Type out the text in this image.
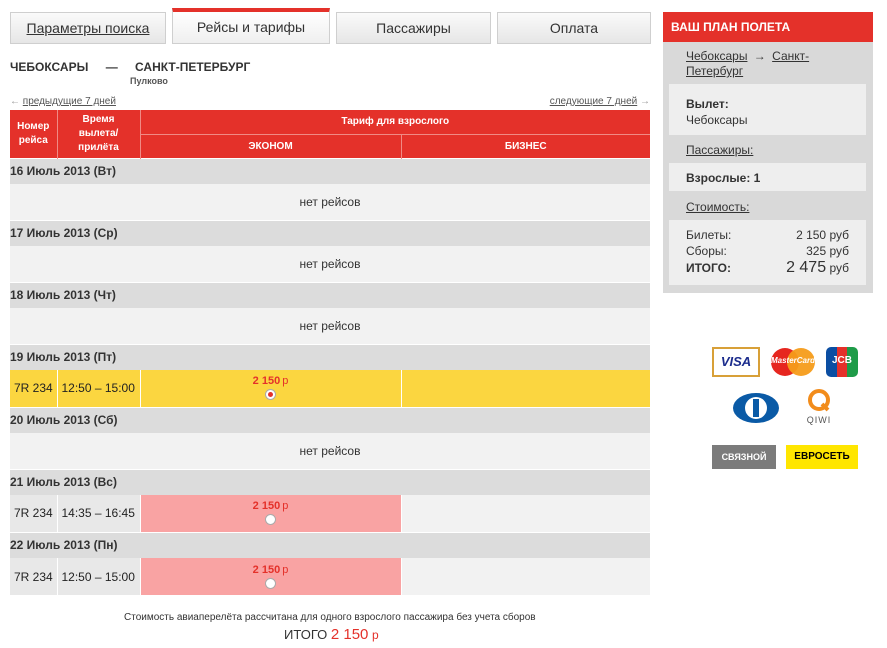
Параметры поиска	Рейсы и тарифы	Пассажиры	Оплата
ЧЕБОКСАРЫ — САНКТ-ПЕТЕРБУРГ
Пулково
← предыдущие 7 дней	следующие 7 дней →
Номер рейса	Время вылета/ прилёта	Тариф для взрослого	
		ЭКОНОМ	БИЗНЕС
16 Июль 2013 (Вт)			
нет рейсов			
17 Июль 2013 (Ср)			
нет рейсов			
18 Июль 2013 (Чт)			
нет рейсов			
19 Июль 2013 (Пт)			
7R 234	12:50 – 15:00	2 150 р	

20 Июль 2013 (Сб)			
нет рейсов			
21 Июль 2013 (Вс)			
7R 234	14:35 – 16:45	2 150 р	

22 Июль 2013 (Пн)			
7R 234	12:50 – 15:00	2 150 р	

Стоимость авиаперелёта рассчитана для одного взрослого пассажира без учета сборов
ИТОГО 2 150 р
ВАШ ПЛАН ПОЛЕТА
Чебоксары → Санкт-
Петербург
Вылет:
Чебоксары
Пассажиры:
Взрослые: 1
Стоимость:
Билеты:	2 150 руб
Сборы:	325 руб
ИТОГО:	2 475 руб
VISA	MasterCard	JCB
QIWI
СВЯЗНОЙ	ЕВРОСЕТЬ
